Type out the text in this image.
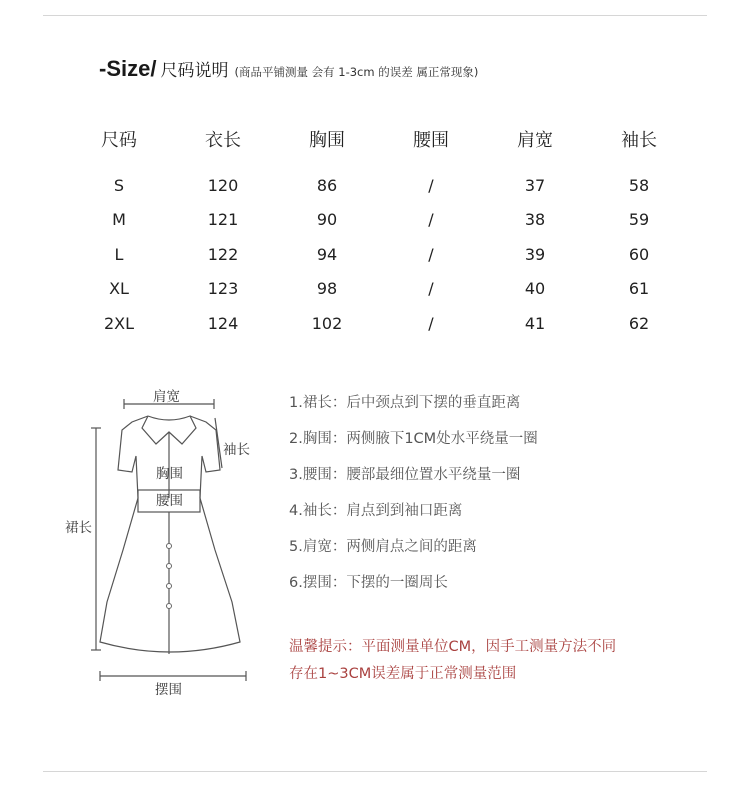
-Size/ 尺码说明 (商品平铺测量 会有 1-3cm 的误差 属正常现象)
尺码	衣长	胸围	腰围	肩宽	袖长
S	120	86	/	37	58
M	121	90	/	38	59
L	122	94	/	39	60
XL	123	98	/	40	61
2XL	124	102	/	41	62
肩宽
袖长
胸围
腰围
裙长
摆围
1.裙长：后中颈点到下摆的垂直距离
2.胸围：两侧腋下1CM处水平绕量一圈
3.腰围：腰部最细位置水平绕量一圈
4.袖长：肩点到到袖口距离
5.肩宽：两侧肩点之间的距离
6.摆围：下摆的一圈周长
温馨提示：平面测量单位CM，因手工测量方法不同
存在1~3CM误差属于正常测量范围
